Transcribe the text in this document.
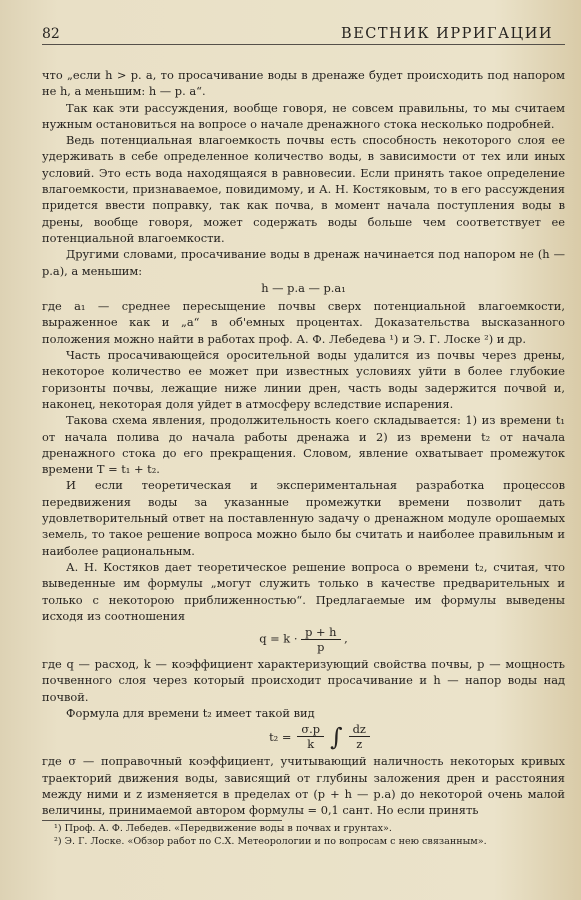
82	ВЕСТНИК ИРРИГАЦИИ

что „если h > p. a, то просачивание воды в дренаже будет происходить под напором не h, а меньшим: h — p. a“.

Так как эти рассуждения, вообще говоря, не совсем правильны, то мы считаем нужным остановиться на вопросе о начале дренажного стока несколько подробней.

Ведь потенциальная влагоемкость почвы есть способность некоторого слоя ее удерживать в себе определенное количество воды, в зависимости от тех или иных условий. Это есть вода находящаяся в равновесии. Если принять такое определение влагоемкости, признаваемое, повидимому, и А. Н. Костяковым, то в его рассуждения придется ввести поправку, так как почва, в момент начала поступления воды в дрены, вообще говоря, может содержать воды больше чем соответствует ее потенциальной влагоемкости.

Другими словами, просачивание воды в дренаж начинается под напором не (h — p.a), а меньшим:

h — p.a — p.a₁

где a₁ — среднее пересыщение почвы сверх потенциальной влагоемкости, выраженное как и „a“ в об'емных процентах. Доказательства высказанного положения можно найти в работах проф. А. Ф. Лебедева ¹) и Э. Г. Лоске ²) и др.

Часть просачивающейся оросительной воды удалится из почвы через дрены, некоторое количество ее может при известных условиях уйти в более глубокие горизонты почвы, лежащие ниже линии дрен, часть воды задержится почвой и, наконец, некоторая доля уйдет в атмосферу вследствие испарения.

Такова схема явления, продолжительность коего складывается: 1) из времени t₁ от начала полива до начала работы дренажа и 2) из времени t₂ от начала дренажного стока до его прекращения. Словом, явление охватывает промежуток времени T = t₁ + t₂.

И если теоретическая и экспериментальная разработка процессов передвижения воды за указанные промежутки времени позволит дать удовлетворительный ответ на поставленную задачу о дренажном модуле орошаемых земель, то такое решение вопроса можно было бы считать и наиболее правильным и наиболее рациональным.

А. Н. Костяков дает теоретическое решение вопроса о времени t₂, считая, что выведенные им формулы „могут служить только в качестве предварительных и только с некоторою приближенностью“. Предлагаемые им формулы выведены исходя из соотношения

$q = k \cdot \frac{p + h}{p}$ ,

где q — расход, k — коэффициент характеризующий свойства почвы, p — мощность почвенного слоя через который происходит просачивание и h — напор воды над почвой.

Формула для времени t₂ имеет такой вид

$t_2 = \frac{\sigma.p}{k}$ ∫ $\frac{dz}{z}$

где σ — поправочный коэффициент, учитывающий наличность некоторых кривых траекторий движения воды, зависящий от глубины заложения дрен и расстояния между ними и z изменяется в пределах от (p + h — p.a) до некоторой очень малой величины, принимаемой автором формулы = 0,1 сант. Но если принять

¹) Проф. А. Ф. Лебедев. «Передвижение воды в почвах и грунтах».
²) Э. Г. Лоске. «Обзор работ по С.Х. Метеорологии и по вопросам с нею связанным».
